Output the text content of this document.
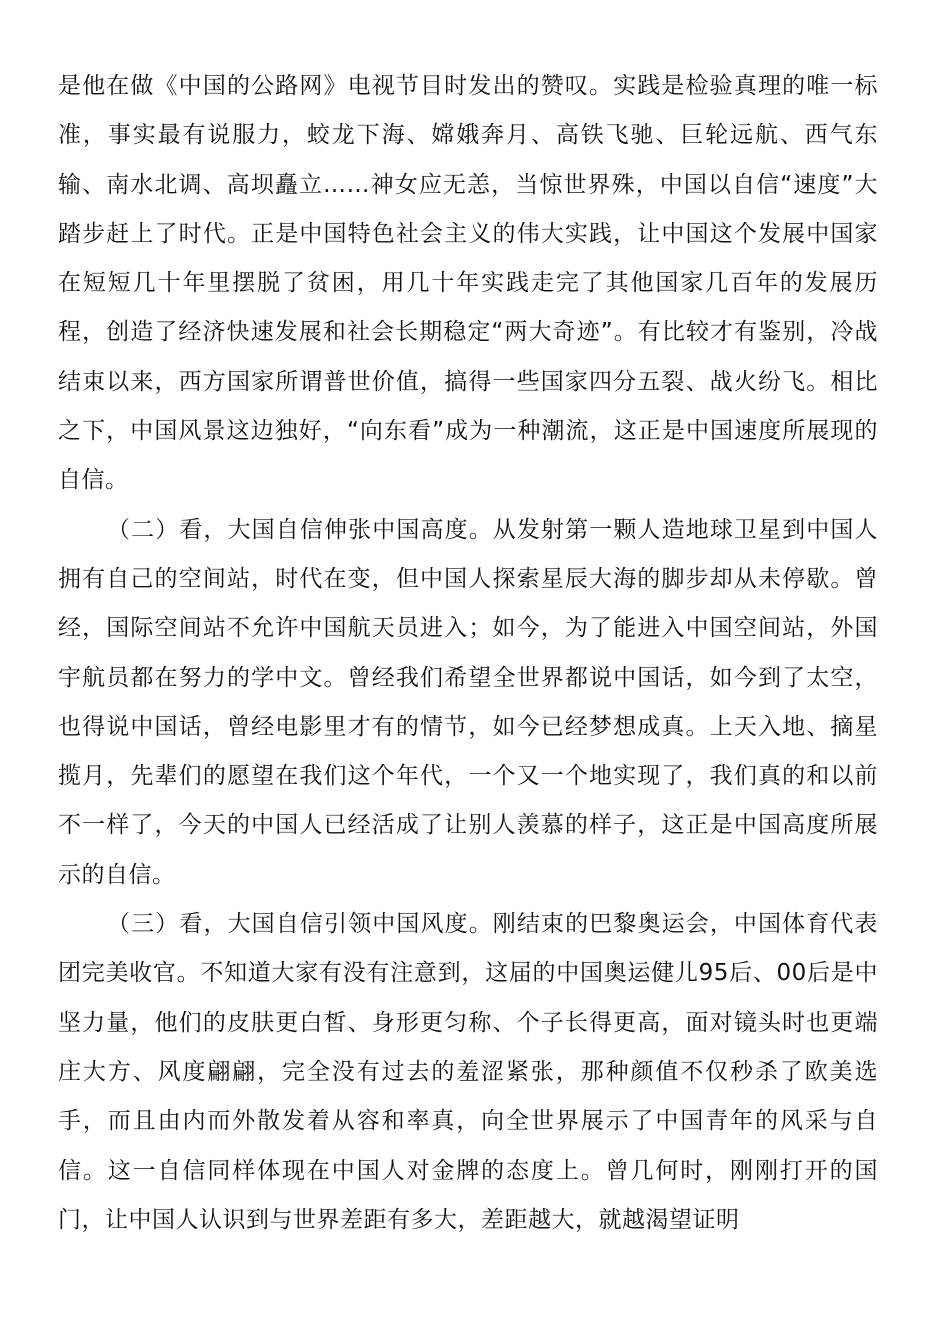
是他在做《中国的公路网》电视节目时发出的赞叹。实践是检验真理的唯一标准，事实最有说服力，蛟龙下海、嫦娥奔月、高铁飞驰、巨轮远航、西气东输、南水北调、高坝矗立……神女应无恙，当惊世界殊，中国以自信“速度”大踏步赶上了时代。正是中国特色社会主义的伟大实践，让中国这个发展中国家在短短几十年里摆脱了贫困，用几十年实践走完了其他国家几百年的发展历程，创造了经济快速发展和社会长期稳定“两大奇迹”。有比较才有鉴别，冷战结束以来，西方国家所谓普世价值，搞得一些国家四分五裂、战火纷飞。相比之下，中国风景这边独好，“向东看”成为一种潮流，这正是中国速度所展现的自信。

（二）看，大国自信伸张中国高度。从发射第一颗人造地球卫星到中国人拥有自己的空间站，时代在变，但中国人探索星辰大海的脚步却从未停歇。曾经，国际空间站不允许中国航天员进入；如今，为了能进入中国空间站，外国宇航员都在努力的学中文。曾经我们希望全世界都说中国话，如今到了太空，也得说中国话，曾经电影里才有的情节，如今已经梦想成真。上天入地、摘星揽月，先辈们的愿望在我们这个年代，一个又一个地实现了，我们真的和以前不一样了，今天的中国人已经活成了让别人羡慕的样子，这正是中国高度所展示的自信。

（三）看，大国自信引领中国风度。刚结束的巴黎奥运会，中国体育代表团完美收官。不知道大家有没有注意到，这届的中国奥运健儿95后、00后是中坚力量，他们的皮肤更白皙、身形更匀称、个子长得更高，面对镜头时也更端庄大方、风度翩翩，完全没有过去的羞涩紧张，那种颜值不仅秒杀了欧美选手，而且由内而外散发着从容和率真，向全世界展示了中国青年的风采与自信。这一自信同样体现在中国人对金牌的态度上。曾几何时，刚刚打开的国门，让中国人认识到与世界差距有多大，差距越大，就越渴望证明
